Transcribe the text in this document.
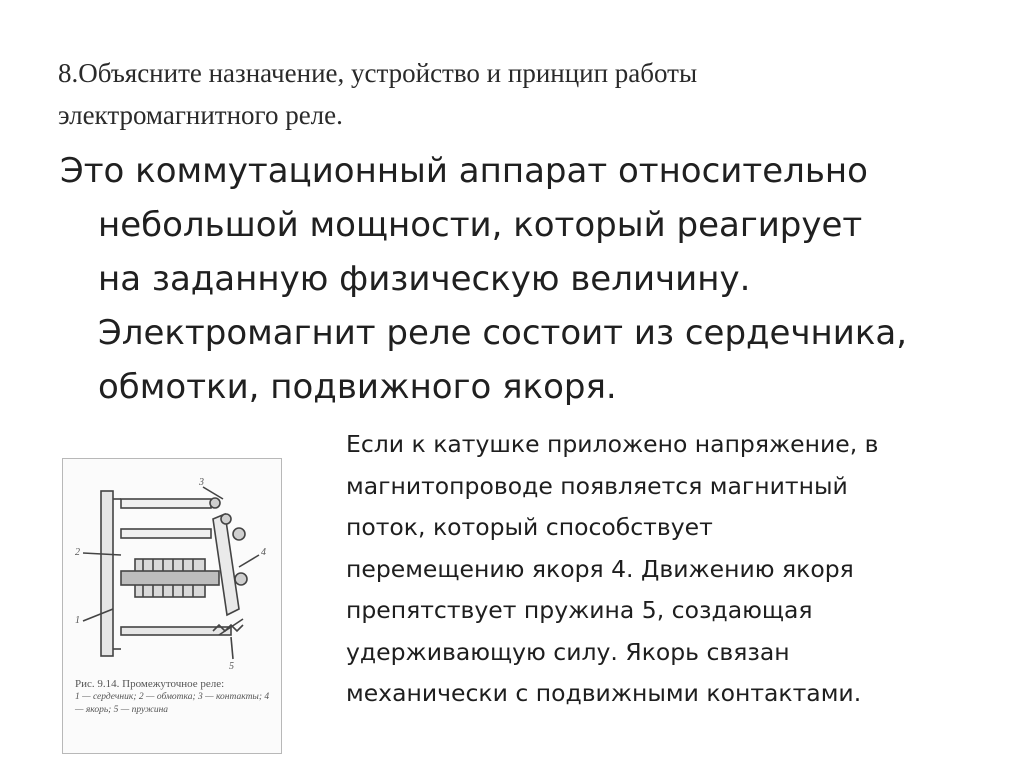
8.Объясните назначение, устройство и принцип работы
электромагнитного реле.
Это коммутационный аппарат относительно
небольшой мощности, который реагирует
на заданную физическую величину.
Электромагнит реле состоит из сердечника,
обмотки, подвижного якоря.
Если к катушке приложено напряжение, в
магнитопроводе появляется магнитный
поток, который способствует
перемещению якоря 4. Движению якоря
препятствует пружина 5, создающая
удерживающую силу. Якорь связан
механически с подвижными контактами.
2
1
3
4
5
Рис. 9.14. Промежуточное реле:
1 — сердечник; 2 — обмотка; 3 — контакты; 4 — якорь; 5 — пружина
